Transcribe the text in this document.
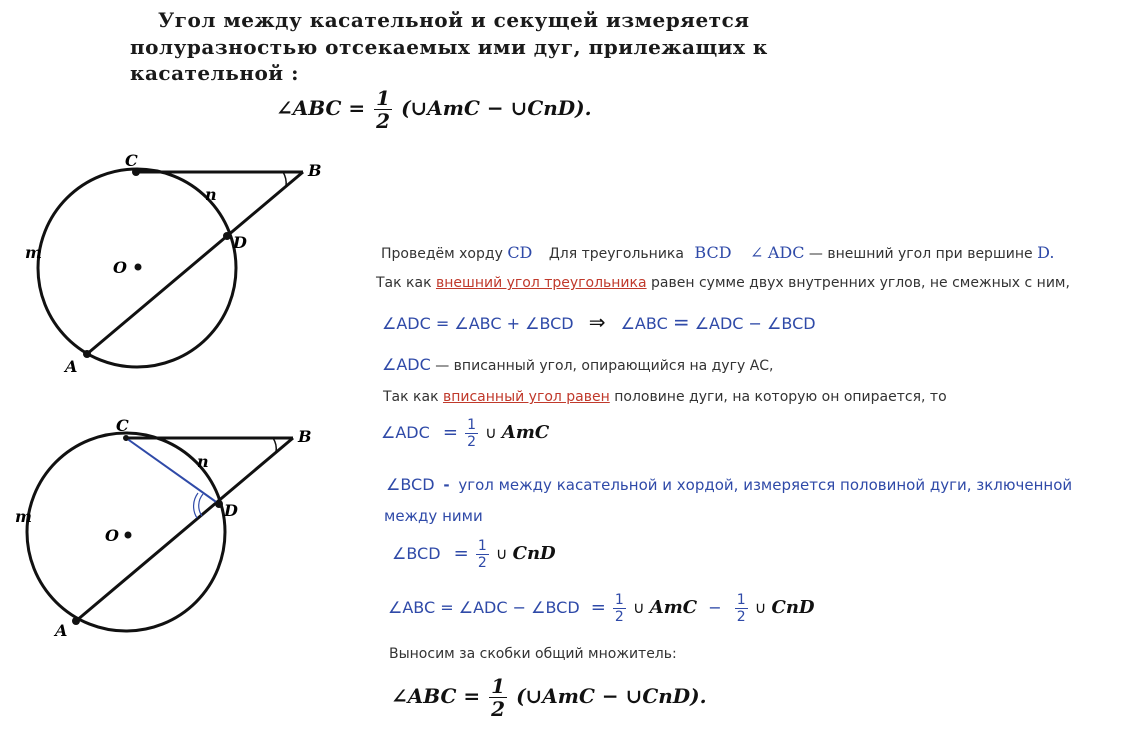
Угол между касательной и секущей измеряется
полуразностью отсекаемых ими дуг, прилежащих к
касательной :
∠ABC = $\frac{1}{2}$ (∪AmC − ∪CnD).
C
B
n
m
D
O
A
C
B
n
m	D
O
A
Проведём хорду CD Для треугольника BCD ∠ ADC — внешний угол при вершине D.
Так как внешний угол треугольника равен сумме двух внутренних углов, не смежных с ним,
∠ADC = ∠ABC + ∠BCD ⇒ ∠ABC = ∠ADC − ∠BCD
∠ADC — вписанный угол, опирающийся на дугу АС,
Так как вписанный угол равен половине дуги, на которую он опирается, то
∠ADC = $\frac{1}{2}$ ∪ AmC
∠BCD - угол между касательной и хордой, измеряется половиной дуги, зключенной
между ними
∠BCD = $\frac{1}{2}$ ∪ CnD
∠ABC = ∠ADC − ∠BCD = $\frac{1}{2}$ ∪ AmC − $\frac{1}{2}$ ∪ CnD
Выносим за скобки общий множитель:
∠ABC = $\frac{1}{2}$ (∪AmC − ∪CnD).
